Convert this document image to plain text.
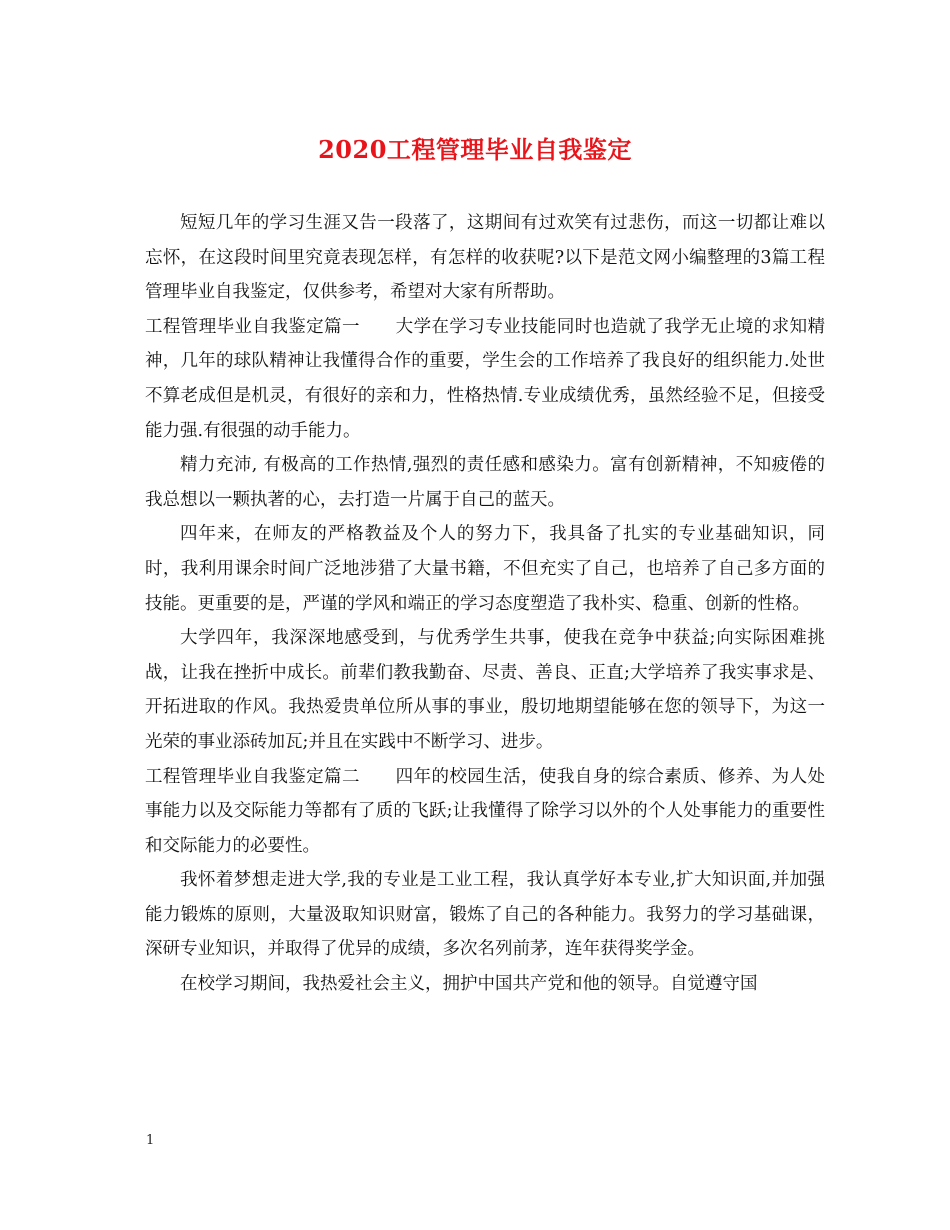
2020工程管理毕业自我鉴定

短短几年的学习生涯又告一段落了，这期间有过欢笑有过悲伤，而这一切都让难以忘怀，在这段时间里究竟表现怎样，有怎样的收获呢?以下是范文网小编整理的3篇工程管理毕业自我鉴定，仅供参考，希望对大家有所帮助。

工程管理毕业自我鉴定篇一　　大学在学习专业技能同时也造就了我学无止境的求知精神，几年的球队精神让我懂得合作的重要，学生会的工作培养了我良好的组织能力.处世不算老成但是机灵，有很好的亲和力，性格热情.专业成绩优秀，虽然经验不足，但接受能力强.有很强的动手能力。

精力充沛, 有极高的工作热情,强烈的责任感和感染力。富有创新精神，不知疲倦的我总想以一颗执著的心，去打造一片属于自己的蓝天。

四年来，在师友的严格教益及个人的努力下，我具备了扎实的专业基础知识，同时，我利用课余时间广泛地涉猎了大量书籍，不但充实了自己，也培养了自己多方面的技能。更重要的是，严谨的学风和端正的学习态度塑造了我朴实、稳重、创新的性格。

大学四年，我深深地感受到，与优秀学生共事，使我在竞争中获益;向实际困难挑战，让我在挫折中成长。前辈们教我勤奋、尽责、善良、正直;大学培养了我实事求是、开拓进取的作风。我热爱贵单位所从事的事业，殷切地期望能够在您的领导下，为这一光荣的事业添砖加瓦;并且在实践中不断学习、进步。

工程管理毕业自我鉴定篇二　　四年的校园生活，使我自身的综合素质、修养、为人处事能力以及交际能力等都有了质的飞跃;让我懂得了除学习以外的个人处事能力的重要性和交际能力的必要性。

我怀着梦想走进大学,我的专业是工业工程，我认真学好本专业,扩大知识面,并加强能力锻炼的原则，大量汲取知识财富，锻炼了自己的各种能力。我努力的学习基础课，深研专业知识，并取得了优异的成绩，多次名列前茅，连年获得奖学金。

在校学习期间，我热爱社会主义，拥护中国共产党和他的领导。自觉遵守国

1
